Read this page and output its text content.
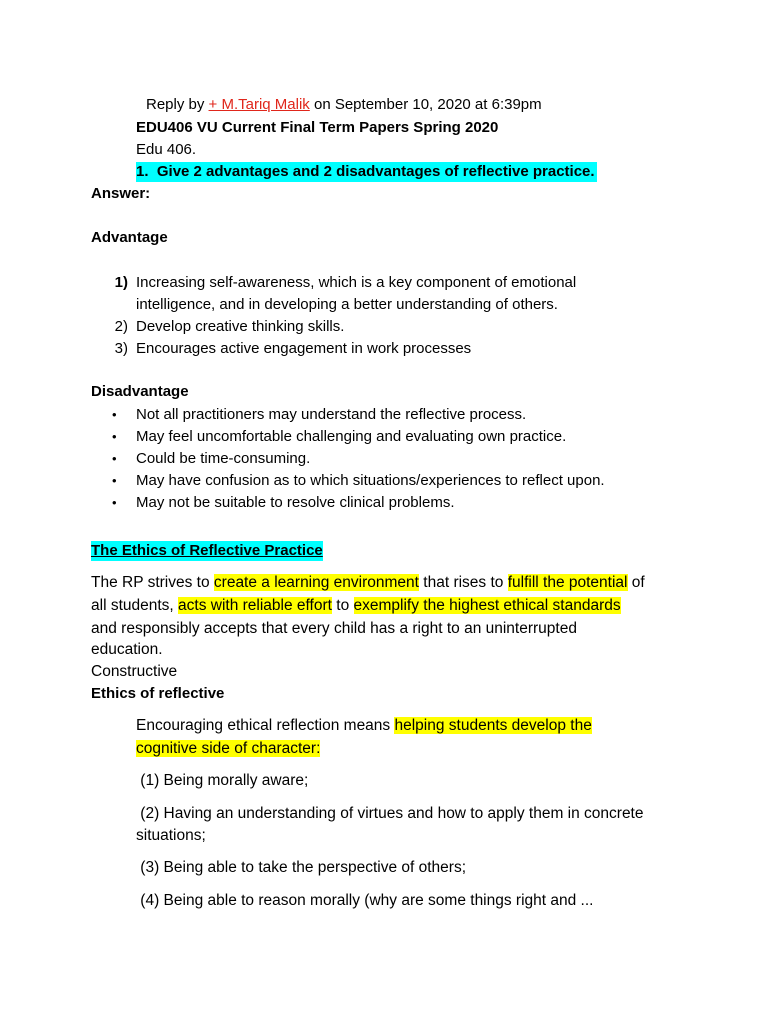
Reply by + M.Tariq Malik on September 10, 2020 at 6:39pm
EDU406 VU Current Final Term Papers Spring 2020
Edu 406.
1. Give 2 advantages and 2 disadvantages of reflective practice.
Answer:
Advantage
1) Increasing self-awareness, which is a key component of emotional
intelligence, and in developing a better understanding of others.
2) Develop creative thinking skills.
3) Encourages active engagement in work processes
Disadvantage
• Not all practitioners may understand the reflective process.
• May feel uncomfortable challenging and evaluating own practice.
• Could be time-consuming.
• May have confusion as to which situations/experiences to reflect upon.
• May not be suitable to resolve clinical problems.
The Ethics of Reflective Practice
The RP strives to create a learning environment that rises to fulfill the potential of
all students, acts with reliable effort to exemplify the highest ethical standards
and responsibly accepts that every child has a right to an uninterrupted
education.
Constructive
Ethics of reflective
Encouraging ethical reflection means helping students develop the
cognitive side of character:
(1) Being morally aware;
(2) Having an understanding of virtues and how to apply them in concrete
situations;
(3) Being able to take the perspective of others;
(4) Being able to reason morally (why are some things right and ...
